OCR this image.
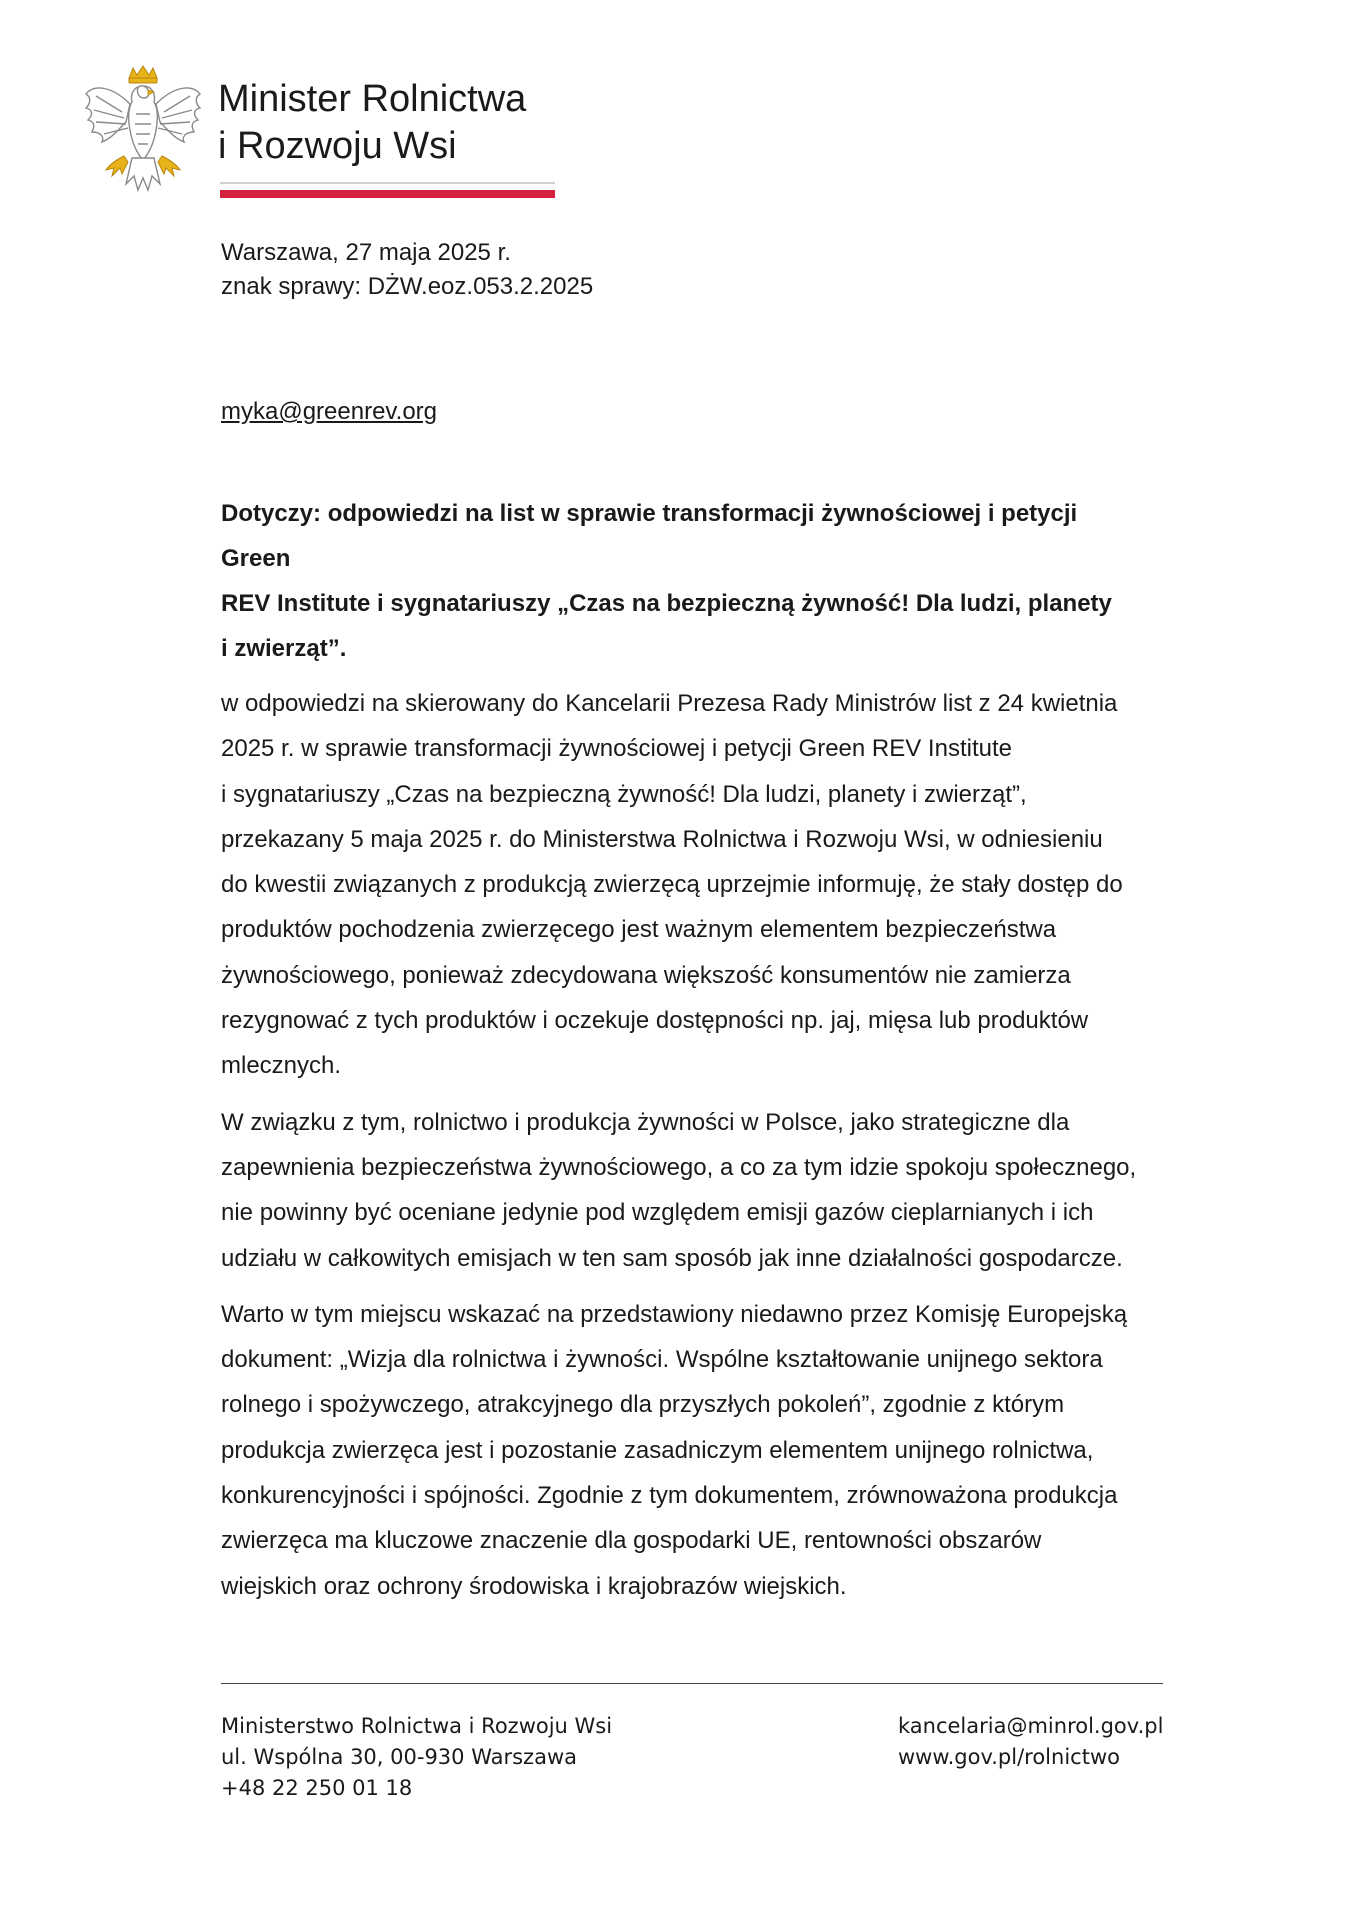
Minister Rolnictwa
i Rozwoju Wsi
Warszawa, 27 maja 2025 r.
znak sprawy: DŻW.eoz.053.2.2025
myka@greenrev.org
Dotyczy: odpowiedzi na list w sprawie transformacji żywnościowej i petycji Green
REV Institute i sygnatariuszy „Czas na bezpieczną żywność! Dla ludzi, planety
i zwierząt”.

w odpowiedzi na skierowany do Kancelarii Prezesa Rady Ministrów list z 24 kwietnia
2025 r. w sprawie transformacji żywnościowej i petycji Green REV Institute
i sygnatariuszy „Czas na bezpieczną żywność! Dla ludzi, planety i zwierząt”,
przekazany 5 maja 2025 r. do Ministerstwa Rolnictwa i Rozwoju Wsi, w odniesieniu
do kwestii związanych z produkcją zwierzęcą uprzejmie informuję, że stały dostęp do
produktów pochodzenia zwierzęcego jest ważnym elementem bezpieczeństwa
żywnościowego, ponieważ zdecydowana większość konsumentów nie zamierza
rezygnować z tych produktów i oczekuje dostępności np. jaj, mięsa lub produktów
mlecznych.

W związku z tym, rolnictwo i produkcja żywności w Polsce, jako strategiczne dla
zapewnienia bezpieczeństwa żywnościowego, a co za tym idzie spokoju społecznego,
nie powinny być oceniane jedynie pod względem emisji gazów cieplarnianych i ich
udziału w całkowitych emisjach w ten sam sposób jak inne działalności gospodarcze.

Warto w tym miejscu wskazać na przedstawiony niedawno przez Komisję Europejską
dokument: „Wizja dla rolnictwa i żywności. Wspólne kształtowanie unijnego sektora
rolnego i spożywczego, atrakcyjnego dla przyszłych pokoleń”, zgodnie z którym
produkcja zwierzęca jest i pozostanie zasadniczym elementem unijnego rolnictwa,
konkurencyjności i spójności. Zgodnie z tym dokumentem, zrównoważona produkcja
zwierzęca ma kluczowe znaczenie dla gospodarki UE, rentowności obszarów
wiejskich oraz ochrony środowiska i krajobrazów wiejskich.

Ministerstwo Rolnictwa i Rozwoju Wsi
ul. Wspólna 30, 00-930 Warszawa
+48 22 250 01 18
kancelaria@minrol.gov.pl
www.gov.pl/rolnictwo
